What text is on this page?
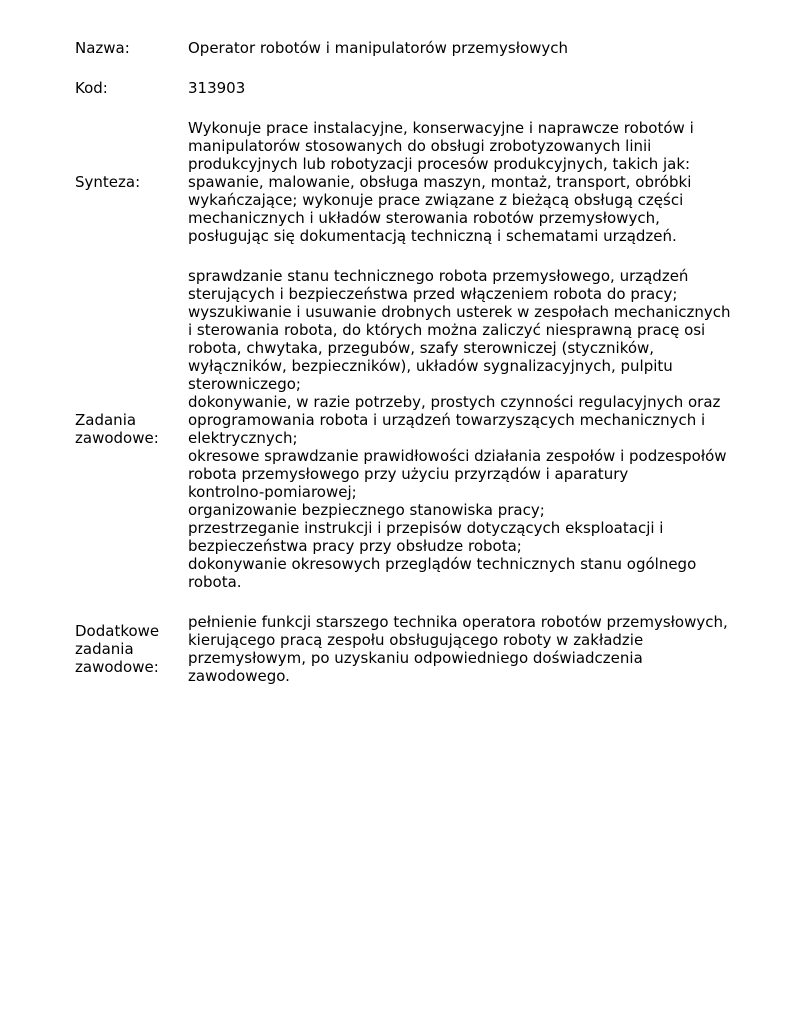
Nazwa:	Operator robotów i manipulatorów przemysłowych
Kod:	313903
Synteza:
Wykonuje prace instalacyjne, konserwacyjne i naprawcze robotów i
manipulatorów stosowanych do obsługi zrobotyzowanych linii
produkcyjnych lub robotyzacji procesów produkcyjnych, takich jak:
spawanie, malowanie, obsługa maszyn, montaż, transport, obróbki
wykańczające; wykonuje prace związane z bieżącą obsługą części
mechanicznych i układów sterowania robotów przemysłowych,
posługując się dokumentacją techniczną i schematami urządzeń.
Zadania
zawodowe:
sprawdzanie stanu technicznego robota przemysłowego, urządzeń
sterujących i bezpieczeństwa przed włączeniem robota do pracy;
wyszukiwanie i usuwanie drobnych usterek w zespołach mechanicznych
i sterowania robota, do których można zaliczyć niesprawną pracę osi
robota, chwytaka, przegubów, szafy sterowniczej (styczników,
wyłączników, bezpieczników), układów sygnalizacyjnych, pulpitu
sterowniczego;
dokonywanie, w razie potrzeby, prostych czynności regulacyjnych oraz
oprogramowania robota i urządzeń towarzyszących mechanicznych i
elektrycznych;
okresowe sprawdzanie prawidłowości działania zespołów i podzespołów
robota przemysłowego przy użyciu przyrządów i aparatury
kontrolno-pomiarowej;
organizowanie bezpiecznego stanowiska pracy;
przestrzeganie instrukcji i przepisów dotyczących eksploatacji i
bezpieczeństwa pracy przy obsłudze robota;
dokonywanie okresowych przeglądów technicznych stanu ogólnego
robota.
Dodatkowe
zadania
zawodowe:
pełnienie funkcji starszego technika operatora robotów przemysłowych,
kierującego pracą zespołu obsługującego roboty w zakładzie
przemysłowym, po uzyskaniu odpowiedniego doświadczenia
zawodowego.
